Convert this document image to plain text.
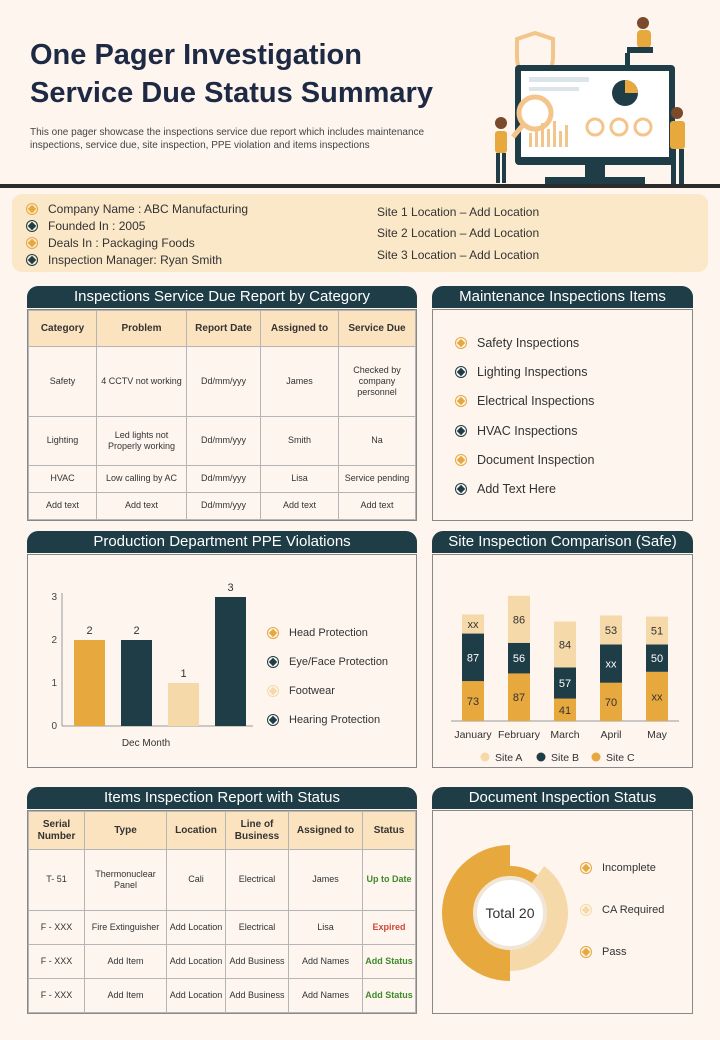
One Pager Investigation
Service Due Status Summary
This one pager showcase the inspections service due report which includes maintenance inspections, service due, site inspection, PPE violation and items inspections
Company Name : ABC Manufacturing
Founded In : 2005
Deals In : Packaging Foods
Inspection Manager: Ryan Smith
Site 1 Location – Add Location
Site 2 Location – Add Location
Site 3 Location – Add Location
Inspections Service Due Report by Category
Category	Problem	Report Date	Assigned to	Service Due
Safety	4 CCTV not working	Dd/mm/yyy	James	Checked by company personnel
Lighting	Led lights not Properly working	Dd/mm/yyy	Smith	Na
HVAC	Low calling by AC	Dd/mm/yyy	Lisa	Service pending
Add text	Add text	Dd/mm/yyy	Add text	Add text
Maintenance Inspections Items
Safety Inspections
Lighting Inspections
Electrical Inspections
HVAC Inspections
Document Inspection
Add Text Here
Production Department PPE Violations
0
1
2
3
2	2
1
3
Dec Month
Head Protection
Eye/Face Protection
Footwear
Hearing Protection
Site Inspection Comparison (Safe)
73
87
xx
January
87
56
86
February
41
57
84
March
70
xx
53
April
xx
50
51
May
Site A	Site B	Site C
Items Inspection Report with Status
Serial Number	Type	Location	Line of Business	Assigned to	Status
T- 51	Thermonuclear Panel	Cali	Electrical	James	Up to Date
F - XXX	Fire Extinguisher	Add Location	Electrical	Lisa	Expired
F - XXX	Add Item	Add Location	Add Business	Add Names	Add Status
F - XXX	Add Item	Add Location	Add Business	Add Names	Add Status
Document Inspection Status
Total 20
Incomplete
CA Required
Pass
